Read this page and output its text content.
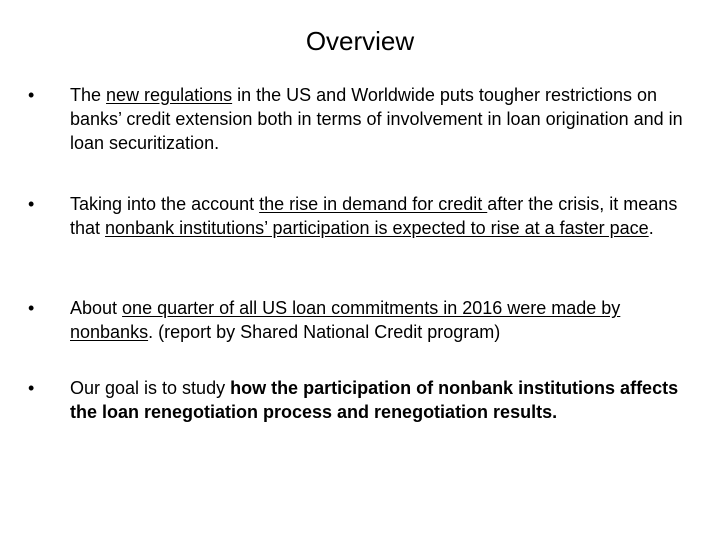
Overview
•	The new regulations in the US and Worldwide puts tougher restrictions on banks’ credit extension both in terms of involvement in loan origination and in loan securitization.
•	Taking into the account the rise in demand for credit after the crisis, it means that nonbank institutions’ participation is expected to rise at a faster pace.
•	About one quarter of all US loan commitments in 2016 were made by nonbanks. (report by Shared National Credit program)
•	Our goal is to study how the participation of nonbank institutions affects the loan renegotiation process and renegotiation results.
